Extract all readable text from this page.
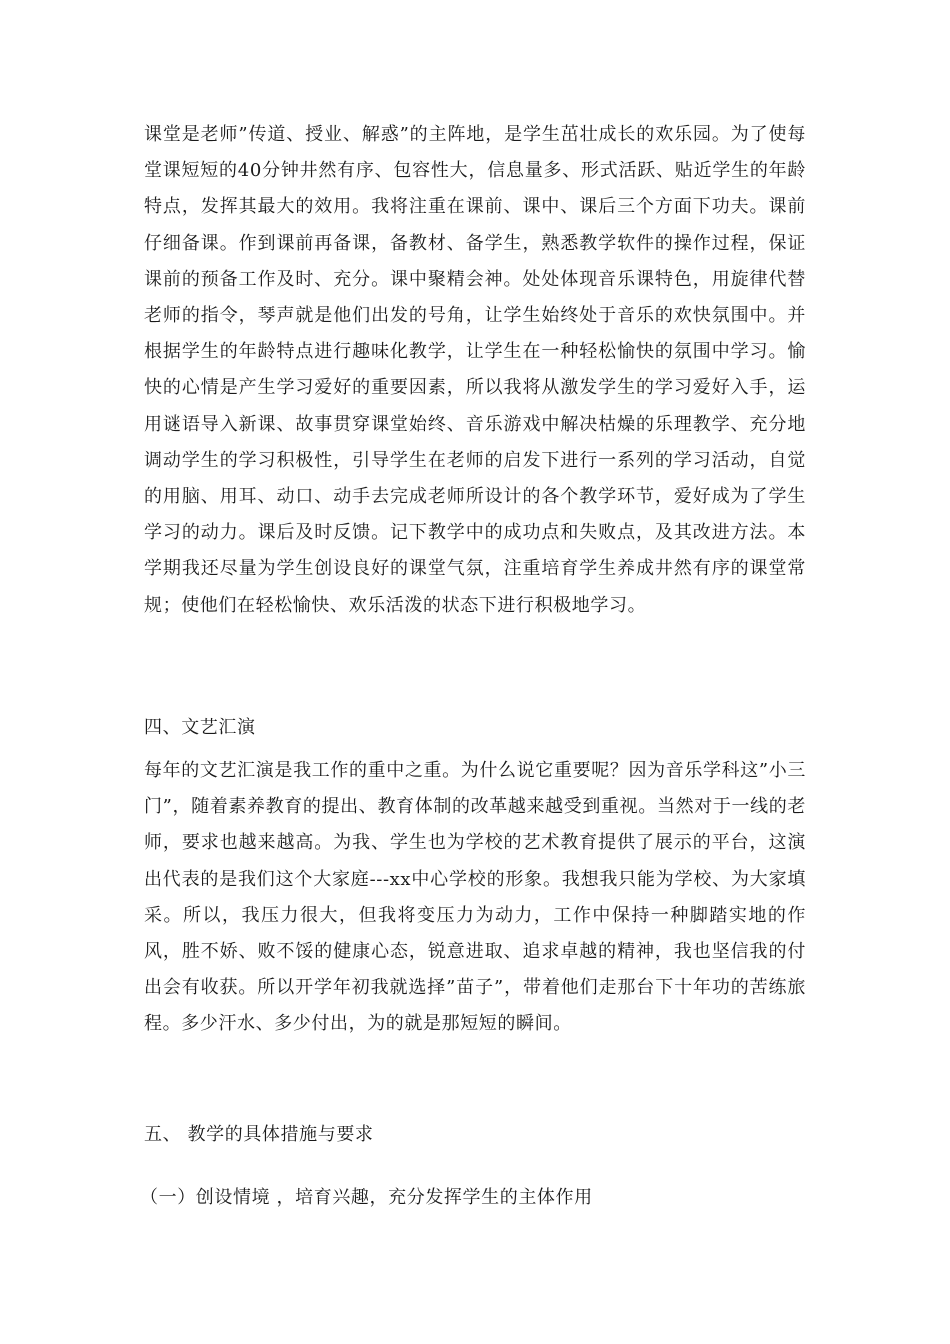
课堂是老师”传道、授业、解惑”的主阵地，是学生茁壮成长的欢乐园。为了使每堂课短短的40分钟井然有序、包容性大，信息量多、形式活跃、贴近学生的年龄特点，发挥其最大的效用。我将注重在课前、课中、课后三个方面下功夫。课前仔细备课。作到课前再备课，备教材、备学生，熟悉教学软件的操作过程，保证课前的预备工作及时、充分。课中聚精会神。处处体现音乐课特色，用旋律代替老师的指令，琴声就是他们出发的号角，让学生始终处于音乐的欢快氛围中。并根据学生的年龄特点进行趣味化教学，让学生在一种轻松愉快的氛围中学习。愉快的心情是产生学习爱好的重要因素，所以我将从激发学生的学习爱好入手，运用谜语导入新课、故事贯穿课堂始终、音乐游戏中解决枯燥的乐理教学、充分地调动学生的学习积极性，引导学生在老师的启发下进行一系列的学习活动，自觉的用脑、用耳、动口、动手去完成老师所设计的各个教学环节，爱好成为了学生学习的动力。课后及时反馈。记下教学中的成功点和失败点，及其改进方法。本学期我还尽量为学生创设良好的课堂气氛，注重培育学生养成井然有序的课堂常规；使他们在轻松愉快、欢乐活泼的状态下进行积极地学习。

四、文艺汇演

每年的文艺汇演是我工作的重中之重。为什么说它重要呢？因为音乐学科这”小三门”，随着素养教育的提出、教育体制的改革越来越受到重视。当然对于一线的老师，要求也越来越高。为我、学生也为学校的艺术教育提供了展示的平台，这演出代表的是我们这个大家庭---xx中心学校的形象。我想我只能为学校、为大家填采。所以，我压力很大，但我将变压力为动力，工作中保持一种脚踏实地的作风，胜不娇、败不馁的健康心态，锐意进取、追求卓越的精神，我也坚信我的付出会有收获。所以开学年初我就选择”苗子”，带着他们走那台下十年功的苦练旅程。多少汗水、多少付出，为的就是那短短的瞬间。

五、 教学的具体措施与要求

（一）创设情境 ，培育兴趣，充分发挥学生的主体作用
